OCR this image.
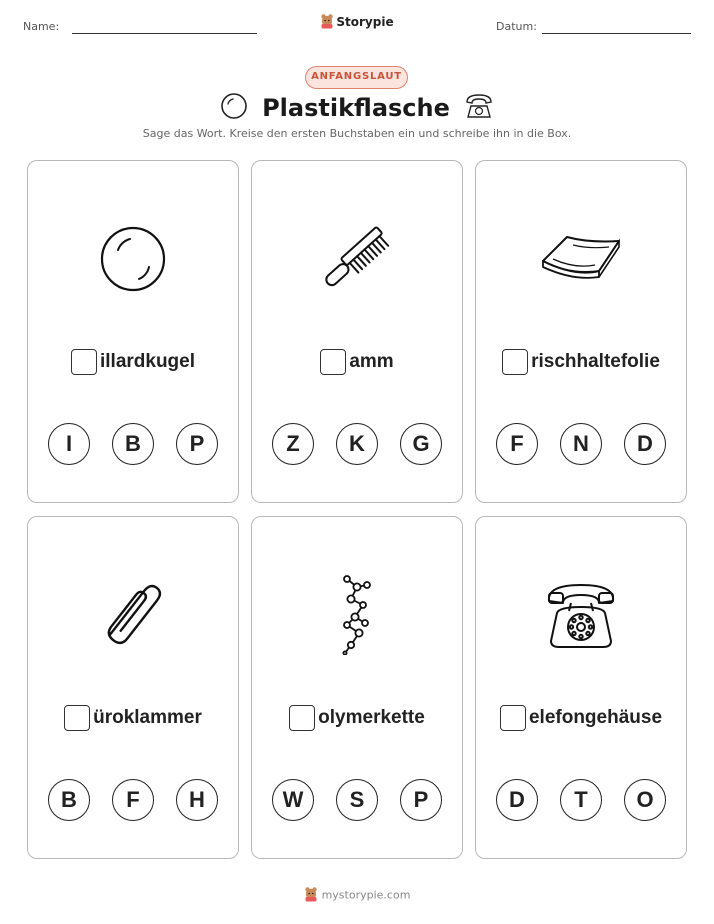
Name:	Storypie	Datum:
ANFANGSLAUT
Plastikflasche
Sage das Wort. Kreise den ersten Buchstaben ein und schreibe ihn in die Box.
illardkugel
I	B	P
amm
Z	K	G
rischhaltefolie
F	N	D
üroklammer
B	F	H
olymerkette
W	S	P
elefongehäuse
D	T	O
mystorypie.com
